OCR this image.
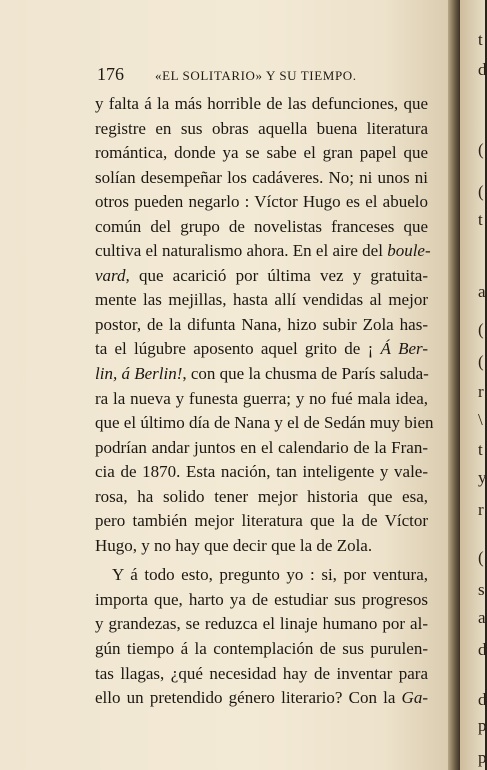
176 «EL SOLITARIO» Y SU TIEMPO.
y falta á la más horrible de las defunciones, que
registre en sus obras aquella buena literatura
romántica, donde ya se sabe el gran papel que
solían desempeñar los cadáveres. No; ni unos ni
otros pueden negarlo : Víctor Hugo es el abuelo
común del grupo de novelistas franceses que
cultiva el naturalismo ahora. En el aire del boule-
vard, que acarició por última vez y gratuita-
mente las mejillas, hasta allí vendidas al mejor
postor, de la difunta Nana, hizo subir Zola has-
ta el lúgubre aposento aquel grito de ¡ Á Ber-
lin, á Berlin!, con que la chusma de París saluda-
ra la nueva y funesta guerra; y no fué mala idea,
que el último día de Nana y el de Sedán muy bien
podrían andar juntos en el calendario de la Fran-
cia de 1870. Esta nación, tan inteligente y vale-
rosa, ha solido tener mejor historia que esa,
pero también mejor literatura que la de Víctor
Hugo, y no hay que decir que la de Zola.
Y á todo esto, pregunto yo : si, por ventura,
importa que, harto ya de estudiar sus progresos
y grandezas, se reduzca el linaje humano por al-
gún tiempo á la contemplación de sus purulen-
tas llagas, ¿qué necesidad hay de inventar para
ello un pretendido género literario? Con la Ga-
(
(
t
a
(
(
r
\
t
y
r
(
s
a
d
d
p
p
t
d
